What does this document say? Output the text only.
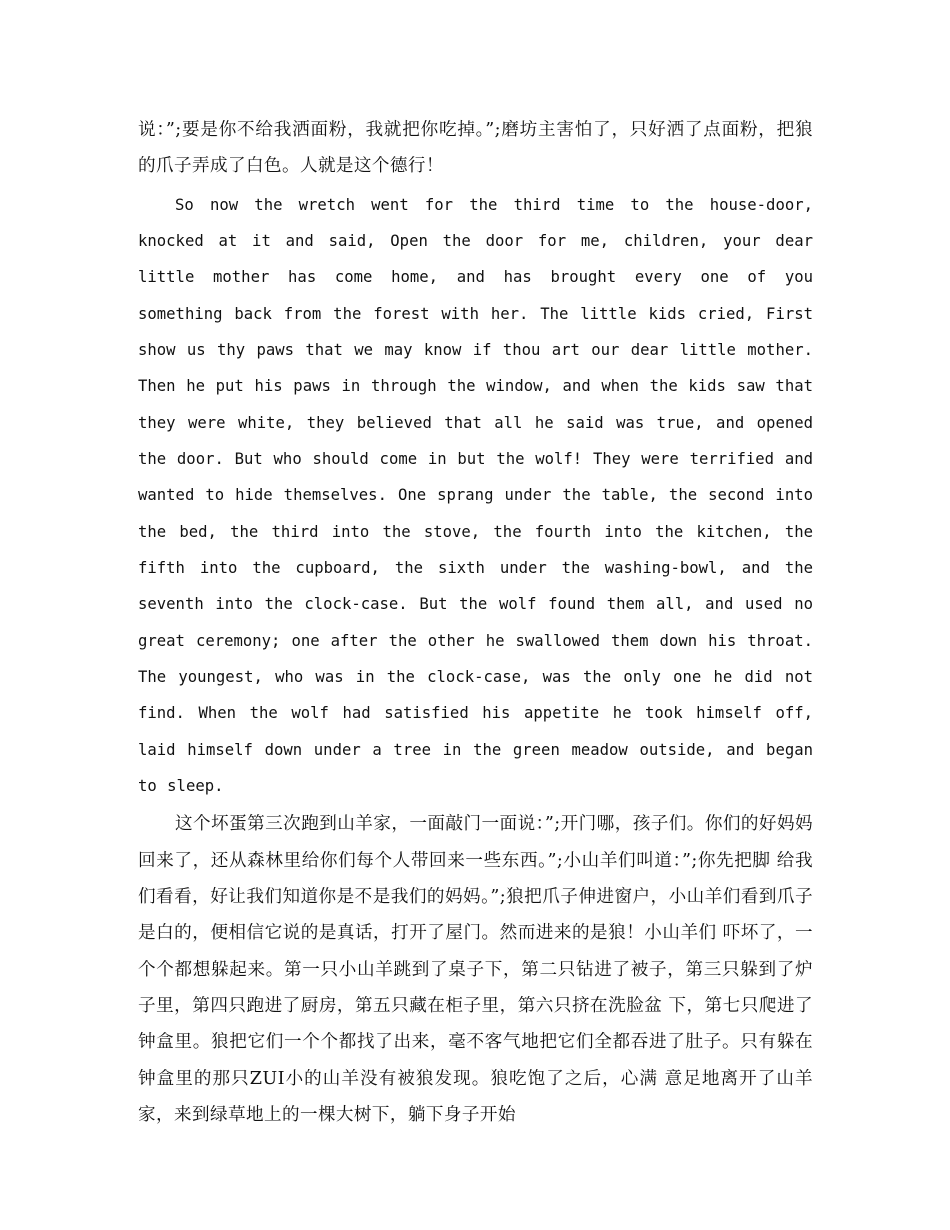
说：”;要是你不给我洒面粉，我就把你吃掉。”;磨坊主害怕了，只好洒了点面粉，把狼的爪子弄成了白色。人就是这个德行！

So now the wretch went for the third time to the house-door, knocked at it and said, Open the door for me, children, your dear little mother has come home, and has brought every one of you something back from the forest with her. The little kids cried, First show us thy paws that we may know if thou art our dear little mother. Then he put his paws in through the window, and when the kids saw that they were white, they believed that all he said was true, and opened the door. But who should come in but the wolf! They were terrified and wanted to hide themselves. One sprang under the table, the second into the bed, the third into the stove, the fourth into the kitchen, the fifth into the cupboard, the sixth under the washing-bowl, and the seventh into the clock-case. But the wolf found them all, and used no great ceremony; one after the other he swallowed them down his throat. The youngest, who was in the clock-case, was the only one he did not find. When the wolf had satisfied his appetite he took himself off, laid himself down under a tree in the green meadow outside, and began to sleep.

这个坏蛋第三次跑到山羊家，一面敲门一面说：”;开门哪，孩子们。你们的好妈妈回来了，还从森林里给你们每个人带回来一些东西。”;小山羊们叫道：”;你先把脚 给我们看看，好让我们知道你是不是我们的妈妈。”;狼把爪子伸进窗户，小山羊们看到爪子是白的，便相信它说的是真话，打开了屋门。然而进来的是狼！小山羊们 吓坏了，一个个都想躲起来。第一只小山羊跳到了桌子下，第二只钻进了被子，第三只躲到了炉子里，第四只跑进了厨房，第五只藏在柜子里，第六只挤在洗脸盆 下，第七只爬进了钟盒里。狼把它们一个个都找了出来，毫不客气地把它们全都吞进了肚子。只有躲在钟盒里的那只ZUI小的山羊没有被狼发现。狼吃饱了之后，心满 意足地离开了山羊家，来到绿草地上的一棵大树下，躺下身子开始
